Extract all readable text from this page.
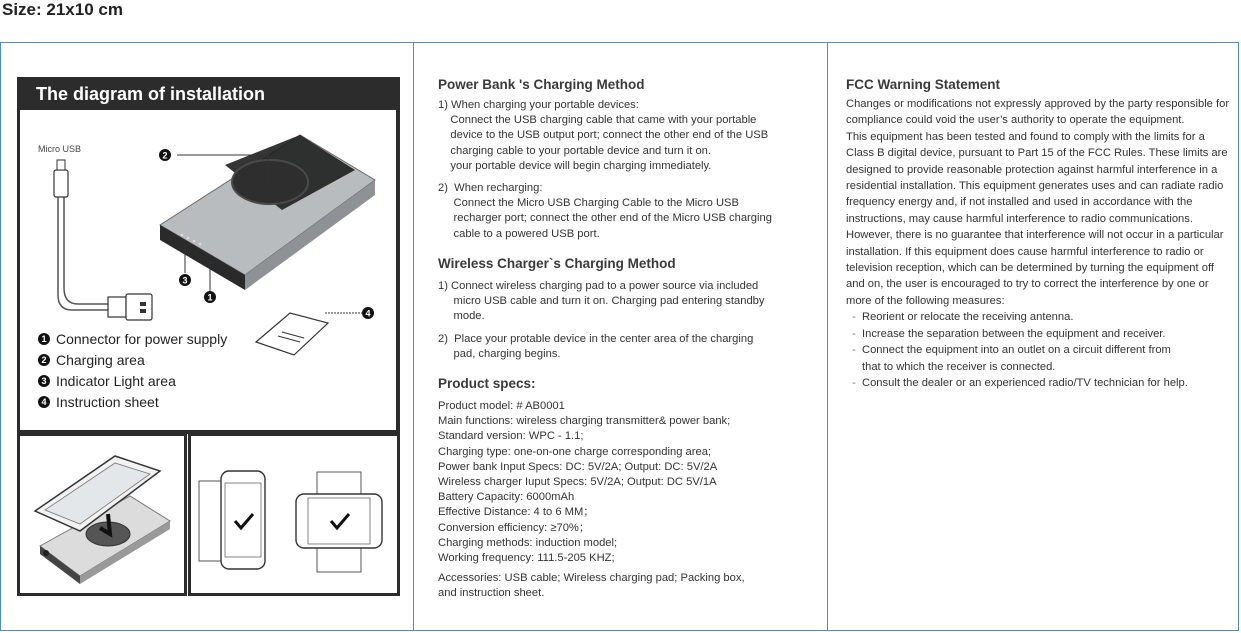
Size: 21x10 cm
2
3
1
4
The diagram of installation
Micro USB
1 Connector for power supply
2 Charging area
3 Indicator Light area
4 Instruction sheet
Power Bank 's Charging Method
1) When charging your portable devices:
Connect the USB charging cable that came with your portable
device to the USB output port; connect the other end of the USB
charging cable to your portable device and turn it on.
your portable device will begin charging immediately.
2)  When recharging:
Connect the Micro USB Charging Cable to the Micro USB
recharger port; connect the other end of the Micro USB charging
cable to a powered USB port.
Wireless Charger`s Charging Method
1) Connect wireless charging pad to a power source via included
micro USB cable and turn it on. Charging pad entering standby
mode.
2)  Place your protable device in the center area of the charging
pad, charging begins.
Product specs:
Product model: # AB0001
Main functions: wireless charging transmitter& power bank;
Standard version: WPC - 1.1;
Charging type: one-on-one charge corresponding area;
Power bank Input Specs: DC: 5V/2A; Output: DC: 5V/2A
Wireless charger Iuput Specs: 5V/2A; Output: DC 5V/1A
Battery Capacity: 6000mAh
Effective Distance: 4 to 6 MM；
Conversion efficiency: ≥70%；
Charging methods: induction model;
Working frequency: 111.5-205 KHZ;
Accessories: USB cable; Wireless charging pad; Packing box,
and instruction sheet.
FCC Warning Statement

Changes or modifications not expressly approved by the party responsible for compliance could void the user’s authority to operate the equipment.

This equipment has been tested and found to comply with the limits for a Class B digital device, pursuant to Part 15 of the FCC Rules. These limits are designed to provide reasonable protection against harmful interference in a residential installation. This equipment generates uses and can radiate radio frequency energy and, if not installed and used in accordance with the instructions, may cause harmful interference to radio communications. However, there is no guarantee that interference will not occur in a particular installation. If this equipment does cause harmful interference to radio or television reception, which can be determined by turning the equipment off and on, the user is encouraged to try to correct the interference by one or more of the following measures:

- Reorient or relocate the receiving antenna.
- Increase the separation between the equipment and receiver.
- Connect the equipment into an outlet on a circuit different from
that to which the receiver is connected.
- Consult the dealer or an experienced radio/TV technician for help.
